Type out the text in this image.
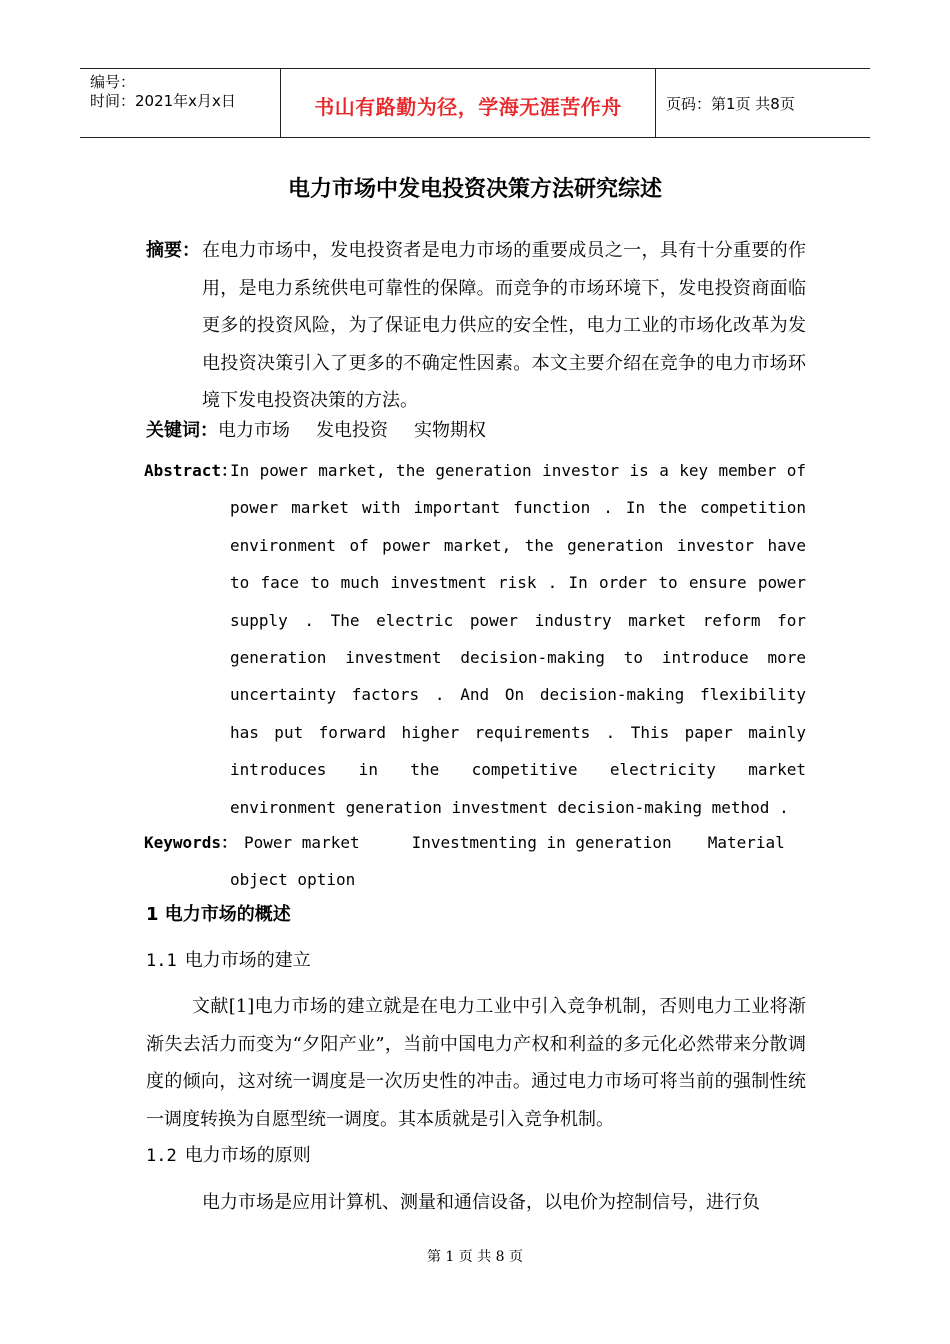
编号：
时间：2021年x月x日	书山有路勤为径，学海无涯苦作舟	页码：第1页 共8页
电力市场中发电投资决策方法研究综述
摘要： 在电力市场中，发电投资者是电力市场的重要成员之一，具有十分重要的作用，是电力系统供电可靠性的保障。而竞争的市场环境下，发电投资商面临更多的投资风险，为了保证电力供应的安全性，电力工业的市场化改革为发电投资决策引入了更多的不确定性因素。本文主要介绍在竞争的电力市场环境下发电投资决策的方法。
关键词：电力市场 发电投资 实物期权
Abstract：
In power market, the generation investor is a key member of power market with important function . In the competition environment of power market, the generation investor have to face to much investment risk . In order to ensure power supply . The electric power industry market reform for generation investment decision-making to introduce more uncertainty factors . And On decision-making flexibility has put forward higher requirements . This paper mainly introduces in the competitive electricity market environment generation investment decision-making method .
Keywords： Power market	Investmenting in generation Material object option
1 电力市场的概述
1.1 电力市场的建立
文献[1]电力市场的建立就是在电力工业中引入竞争机制，否则电力工业将渐渐失去活力而变为“夕阳产业”，当前中国电力产权和利益的多元化必然带来分散调度的倾向，这对统一调度是一次历史性的冲击。通过电力市场可将当前的强制性统一调度转换为自愿型统一调度。其本质就是引入竞争机制。
1.2 电力市场的原则
电力市场是应用计算机、测量和通信设备，以电价为控制信号，进行负
第 1 页 共 8 页
